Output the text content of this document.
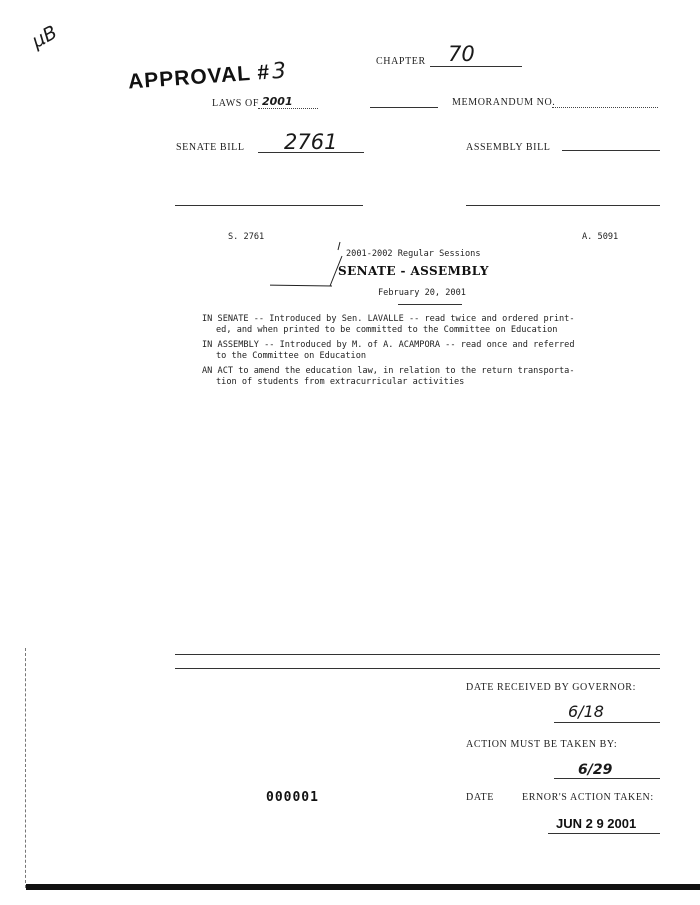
µB
APPROVAL #3	CHAPTER 70
LAWS OF 2001	MEMORANDUM NO.
SENATE BILL 2761	ASSEMBLY BILL
S. 2761	A. 5091
2001-2002 Regular Sessions
SENATE - ASSEMBLY
February 20, 2001
IN SENATE -- Introduced by Sen. LAVALLE -- read twice and ordered print-
ed, and when printed to be committed to the Committee on Education
IN ASSEMBLY -- Introduced by M. of A. ACAMPORA -- read once and referred
to the Committee on Education
AN ACT to amend the education law, in relation to the return transporta-
tion of students from extracurricular activities
DATE RECEIVED BY GOVERNOR:
6/18
ACTION MUST BE TAKEN BY:
6/29
DATE	ERNOR'S ACTION TAKEN:
JUN 2 9 2001
000001
